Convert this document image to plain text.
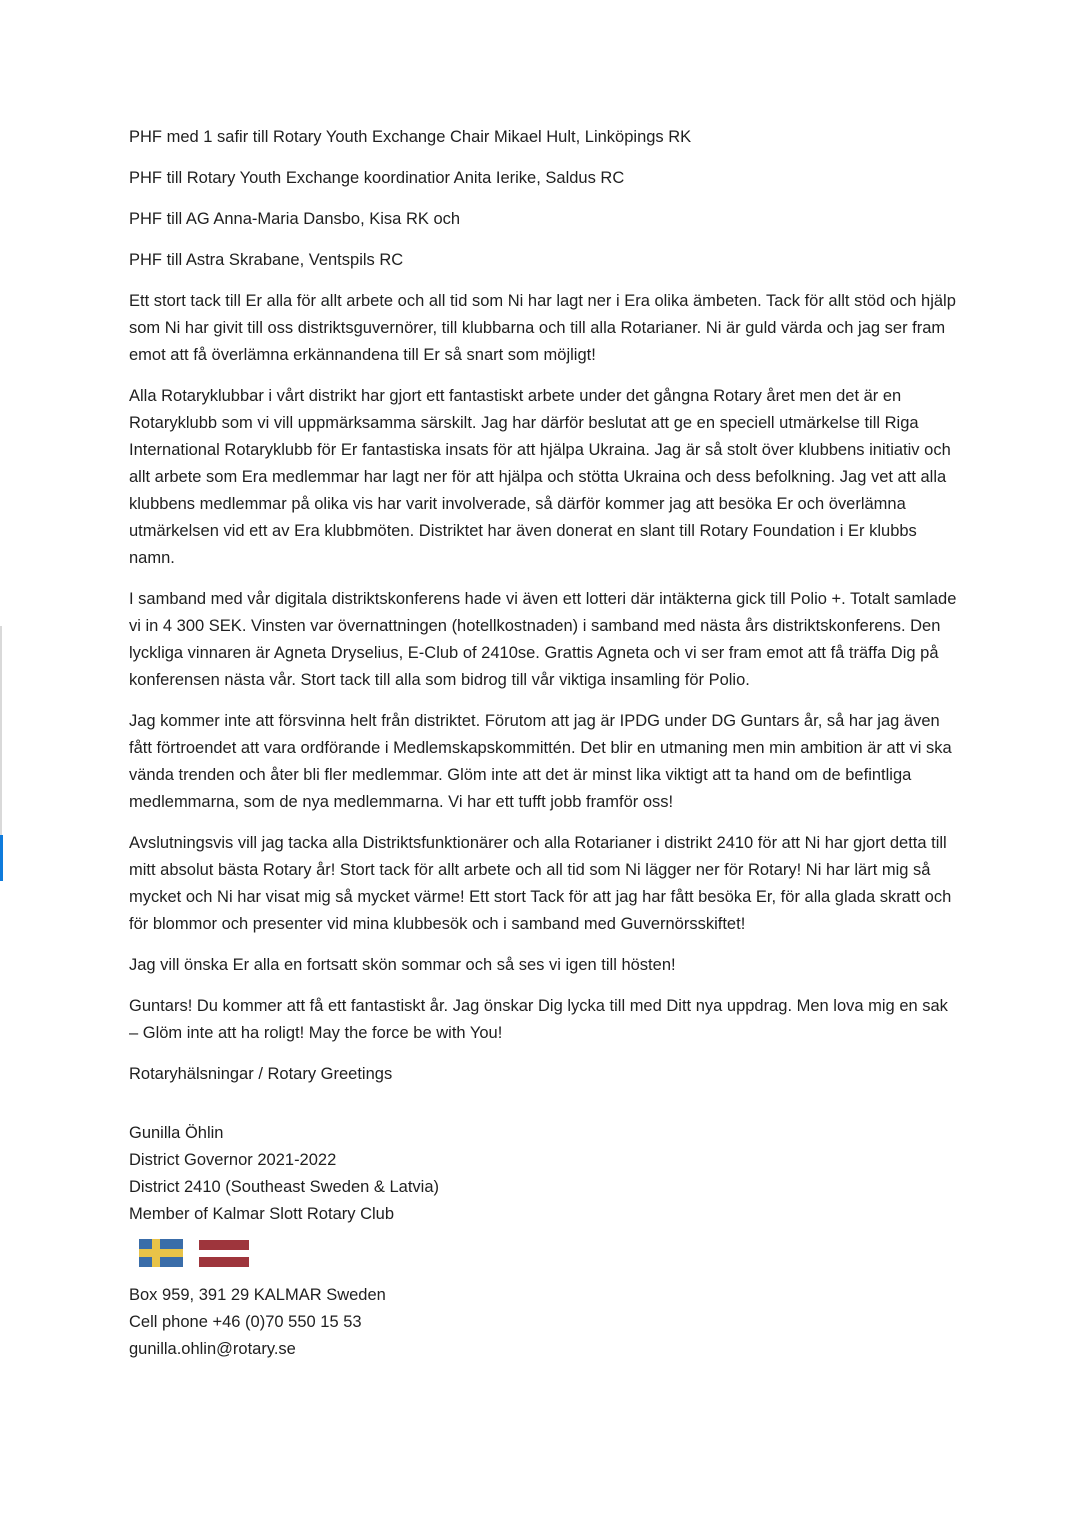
PHF med 1 safir till Rotary Youth Exchange Chair Mikael Hult, Linköpings RK

PHF till Rotary Youth Exchange koordinatior Anita Ierike, Saldus RC

PHF till AG Anna-Maria Dansbo, Kisa RK och

PHF till Astra Skrabane, Ventspils RC

Ett stort tack till Er alla för allt arbete och all tid som Ni har lagt ner i Era olika ämbeten. Tack för allt stöd och hjälp som Ni har givit till oss distriktsguvernörer, till klubbarna och till alla Rotarianer. Ni är guld värda och jag ser fram emot att få överlämna erkännandena till Er så snart som möjligt!

Alla Rotaryklubbar i vårt distrikt har gjort ett fantastiskt arbete under det gångna Rotary året men det är en Rotaryklubb som vi vill uppmärksamma särskilt. Jag har därför beslutat att ge en speciell utmärkelse till Riga International Rotaryklubb för Er fantastiska insats för att hjälpa Ukraina. Jag är så stolt över klubbens initiativ och allt arbete som Era medlemmar har lagt ner för att hjälpa och stötta Ukraina och dess befolkning. Jag vet att alla klubbens medlemmar på olika vis har varit involverade, så därför kommer jag att besöka Er och överlämna utmärkelsen vid ett av Era klubbmöten. Distriktet har även donerat en slant till Rotary Foundation i Er klubbs namn.

I samband med vår digitala distriktskonferens hade vi även ett lotteri där intäkterna gick till Polio +. Totalt samlade vi in 4 300 SEK. Vinsten var övernattningen (hotellkostnaden) i samband med nästa års distriktskonferens. Den lyckliga vinnaren är Agneta Dryselius, E-Club of 2410se. Grattis Agneta och vi ser fram emot att få träffa Dig på konferensen nästa vår. Stort tack till alla som bidrog till vår viktiga insamling för Polio.

Jag kommer inte att försvinna helt från distriktet. Förutom att jag är IPDG under DG Guntars år, så har jag även fått förtroendet att vara ordförande i Medlemskapskommittén. Det blir en utmaning men min ambition är att vi ska vända trenden och åter bli fler medlemmar. Glöm inte att det är minst lika viktigt att ta hand om de befintliga medlemmarna, som de nya medlemmarna. Vi har ett tufft jobb framför oss!

Avslutningsvis vill jag tacka alla Distriktsfunktionärer och alla Rotarianer i distrikt 2410 för att Ni har gjort detta till mitt absolut bästa Rotary år! Stort tack för allt arbete och all tid som Ni lägger ner för Rotary! Ni har lärt mig så mycket och Ni har visat mig så mycket värme! Ett stort Tack för att jag har fått besöka Er, för alla glada skratt och för blommor och presenter vid mina klubbesök och i samband med Guvernörsskiftet!

Jag vill önska Er alla en fortsatt skön sommar och så ses vi igen till hösten!

Guntars! Du kommer att få ett fantastiskt år. Jag önskar Dig lycka till med Ditt nya uppdrag. Men lova mig en sak – Glöm inte att ha roligt! May the force be with You!

Rotaryhälsningar / Rotary Greetings

Gunilla Öhlin
District Governor 2021-2022
District 2410 (Southeast Sweden & Latvia)
Member of Kalmar Slott Rotary Club
Box 959, 391 29 KALMAR Sweden
Cell phone +46 (0)70 550 15 53
gunilla.ohlin@rotary.se
